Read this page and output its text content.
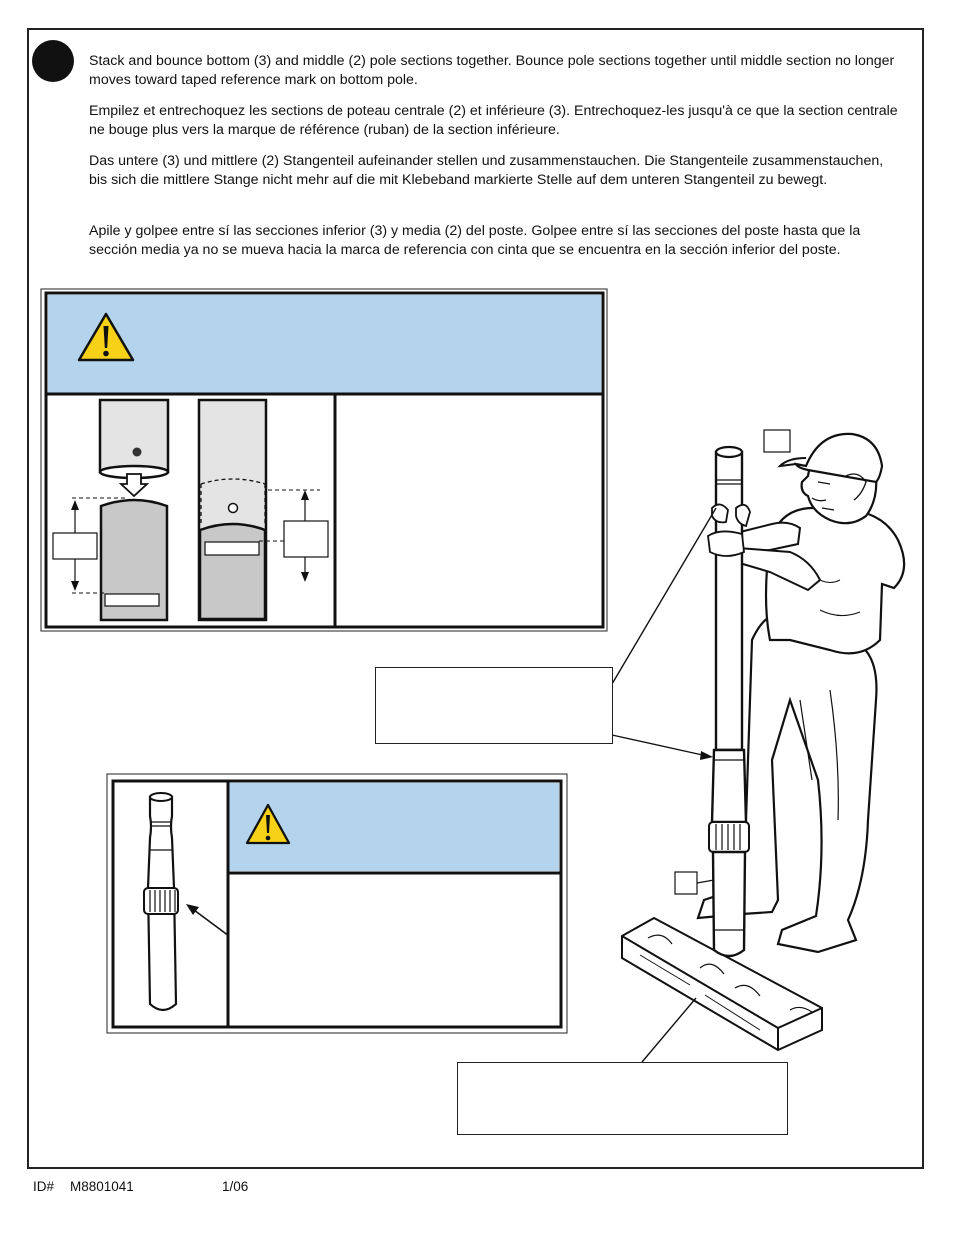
Stack and bounce bottom (3) and middle (2) pole sections together. Bounce pole sections together until middle section no longer moves toward taped reference mark on bottom pole.

Empilez et entrechoquez les sections de poteau centrale (2) et inférieure (3). Entrechoquez-les jusqu'à ce que la section centrale ne bouge plus vers la marque de référence (ruban) de la section inférieure.

Das untere (3) und mittlere (2) Stangenteil aufeinander stellen und zusammenstauchen. Die Stangenteile zusammenstauchen, bis sich die mittlere Stange nicht mehr auf die mit Klebeband markierte Stelle auf dem unteren Stangenteil zu bewegt.

Apile y golpee entre sí las secciones inferior (3) y media (2) del poste. Golpee entre sí las secciones del poste hasta que la sección media ya no se mueva hacia la marca de referencia con cinta que se encuentra en la sección inferior del poste.

ID# M8801041	1/06
